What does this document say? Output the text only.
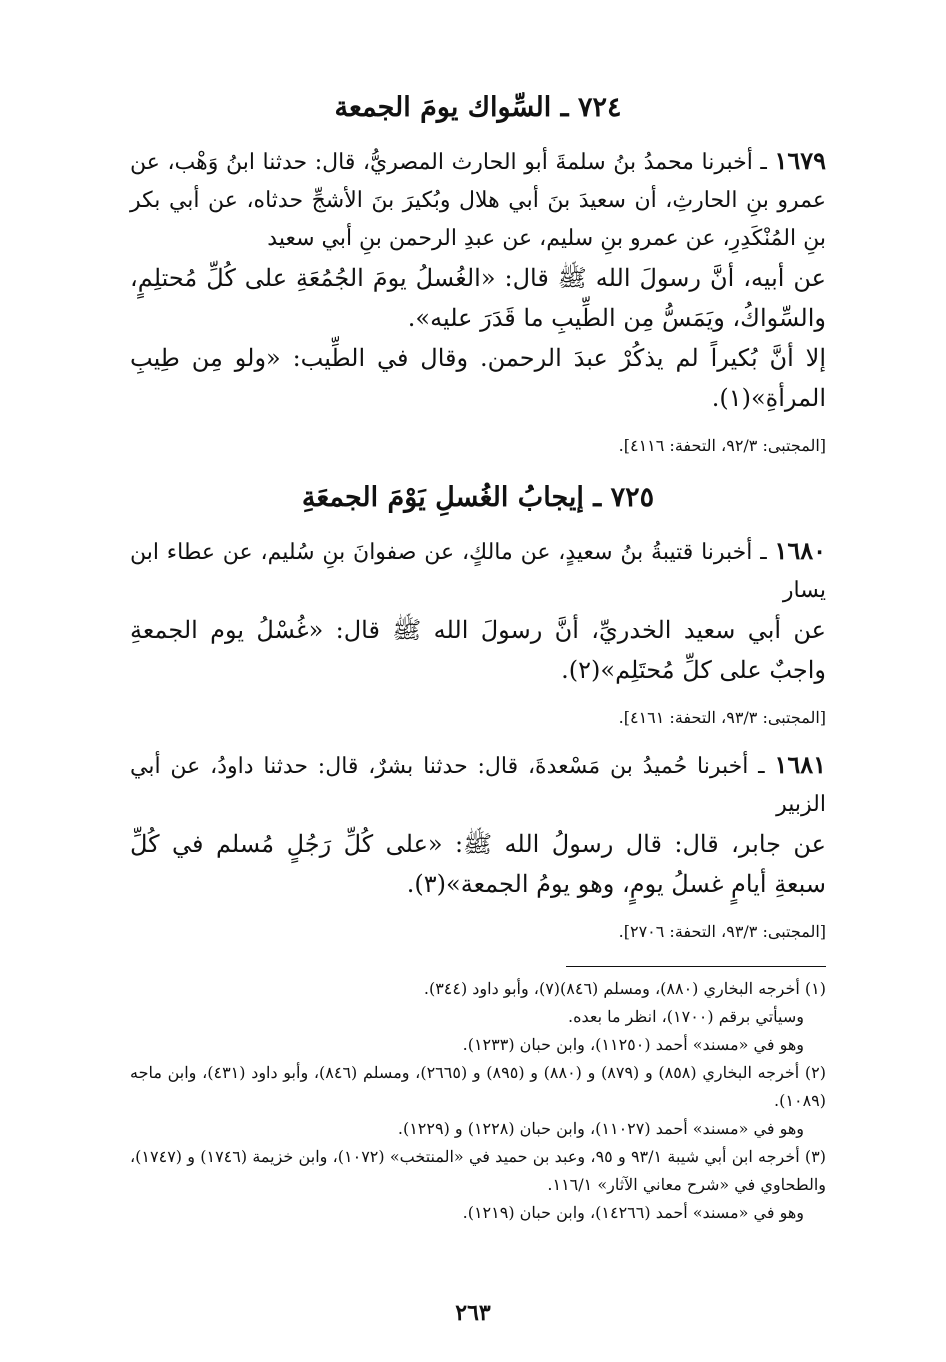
٧٢٤ ـ السِّواك يومَ الجمعة

١٦٧٩ ـ أخبرنا محمدُ بنُ سلمةَ أبو الحارث المصريُّ، قال: حدثنا ابنُ وَهْب، عن عمرو بنِ الحارثِ، أن سعيدَ بنَ أبي هلال وبُكيرَ بنَ الأشجِّ حدثاه، عن أبي بكر بنِ المُنْكَدِرِ، عن عمرو بنِ سليم، عن عبدِ الرحمن بنِ أبي سعيد

عن أبيه، أنَّ رسولَ الله ﷺ قال: «الغُسلُ يومَ الجُمُعَةِ على كُلِّ مُحتلِمٍ، والسِّواكُ، ويَمَسُّ مِن الطِّيبِ ما قَدَرَ عليه».

إلا أنَّ بُكيراً لم يذكُرْ عبدَ الرحمن. وقال في الطِّيب: «ولو مِن طِيبِ المرأةِ»(١).

[المجتبى: ٩٢/٣، التحفة: ٤١١٦].

٧٢٥ ـ إيجابُ الغُسلِ يَوْمَ الجمعَةِ

١٦٨٠ ـ أخبرنا قتيبةُ بنُ سعيدٍ، عن مالكٍ، عن صفوانَ بنِ سُليم، عن عطاء ابن يسار

عن أبي سعيد الخدريِّ، أنَّ رسولَ الله ﷺ قال: «غُسْلُ يوم الجمعةِ واجبٌ على كلِّ مُحتَلِم»(٢).

[المجتبى: ٩٣/٣، التحفة: ٤١٦١].

١٦٨١ ـ أخبرنا حُميدُ بن مَسْعدةَ، قال: حدثنا بشرٌ، قال: حدثنا داودُ، عن أبي الزبير

عن جابر، قال: قال رسولُ الله ﷺ: «على كُلِّ رَجُلٍ مُسلم في كُلِّ سبعةِ أيامٍ غسلُ يومٍ، وهو يومُ الجمعة»(٣).

[المجتبى: ٩٣/٣، التحفة: ٢٧٠٦].

(١) أخرجه البخاري (٨٨٠)، ومسلم (٨٤٦)(٧)، وأبو داود (٣٤٤).

وسيأتي برقم (١٧٠٠)، انظر ما بعده.

وهو في «مسند» أحمد (١١٢٥٠)، وابن حبان (١٢٣٣).

(٢) أخرجه البخاري (٨٥٨) و (٨٧٩) و (٨٨٠) و (٨٩٥) و (٢٦٦٥)، ومسلم (٨٤٦)، وأبو داود (٤٣١)، وابن ماجه (١٠٨٩).

وهو في «مسند» أحمد (١١٠٢٧)، وابن حبان (١٢٢٨) و (١٢٢٩).

(٣) أخرجه ابن أبي شيبة ٩٣/١ و ٩٥، وعبد بن حميد في «المنتخب» (١٠٧٢)، وابن خزيمة (١٧٤٦) و (١٧٤٧)، والطحاوي في «شرح معاني الآثار» ١١٦/١.

وهو في «مسند» أحمد (١٤٢٦٦)، وابن حبان (١٢١٩).

٢٦٣
